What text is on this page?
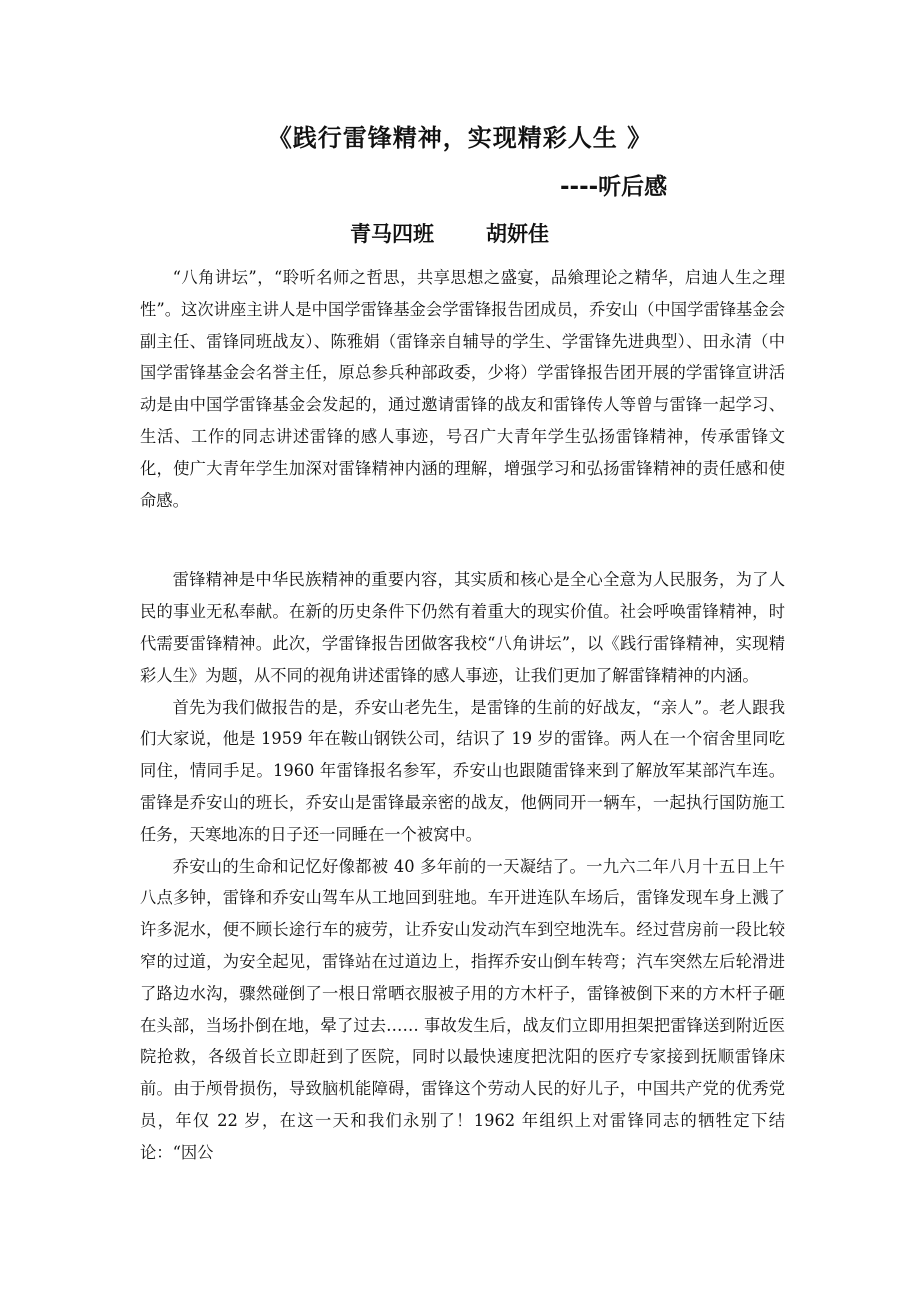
《践行雷锋精神，实现精彩人生 》
----听后感
青马四班 胡妍佳

“八角讲坛”，“聆听名师之哲思，共享思想之盛宴，品飨理论之精华，启迪人生之理性”。这次讲座主讲人是中国学雷锋基金会学雷锋报告团成员，乔安山（中国学雷锋基金会副主任、雷锋同班战友）、陈雅娟（雷锋亲自辅导的学生、学雷锋先进典型）、田永清（中国学雷锋基金会名誉主任，原总参兵种部政委，少将）学雷锋报告团开展的学雷锋宣讲活动是由中国学雷锋基金会发起的，通过邀请雷锋的战友和雷锋传人等曾与雷锋一起学习、生活、工作的同志讲述雷锋的感人事迹，号召广大青年学生弘扬雷锋精神，传承雷锋文化，使广大青年学生加深对雷锋精神内涵的理解，增强学习和弘扬雷锋精神的责任感和使命感。

雷锋精神是中华民族精神的重要内容，其实质和核心是全心全意为人民服务，为了人民的事业无私奉献。在新的历史条件下仍然有着重大的现实价值。社会呼唤雷锋精神，时代需要雷锋精神。此次，学雷锋报告团做客我校“八角讲坛”，以《践行雷锋精神，实现精彩人生》为题，从不同的视角讲述雷锋的感人事迹，让我们更加了解雷锋精神的内涵。

首先为我们做报告的是，乔安山老先生，是雷锋的生前的好战友，“亲人”。老人跟我们大家说，他是 1959 年在鞍山钢铁公司，结识了 19 岁的雷锋。两人在一个宿舍里同吃同住，情同手足。1960 年雷锋报名参军，乔安山也跟随雷锋来到了解放军某部汽车连。雷锋是乔安山的班长，乔安山是雷锋最亲密的战友，他俩同开一辆车，一起执行国防施工任务，天寒地冻的日子还一同睡在一个被窝中。

乔安山的生命和记忆好像都被 40 多年前的一天凝结了。一九六二年八月十五日上午八点多钟，雷锋和乔安山驾车从工地回到驻地。车开进连队车场后，雷锋发现车身上溅了许多泥水，便不顾长途行车的疲劳，让乔安山发动汽车到空地洗车。经过营房前一段比较窄的过道，为安全起见，雷锋站在过道边上，指挥乔安山倒车转弯；汽车突然左后轮滑进了路边水沟，骤然碰倒了一根日常晒衣服被子用的方木杆子，雷锋被倒下来的方木杆子砸在头部，当场扑倒在地，晕了过去…… 事故发生后，战友们立即用担架把雷锋送到附近医院抢救，各级首长立即赶到了医院，同时以最快速度把沈阳的医疗专家接到抚顺雷锋床前。由于颅骨损伤，导致脑机能障碍，雷锋这个劳动人民的好儿子，中国共产党的优秀党员，年仅 22 岁，在这一天和我们永别了！1962 年组织上对雷锋同志的牺牲定下结论：“因公
